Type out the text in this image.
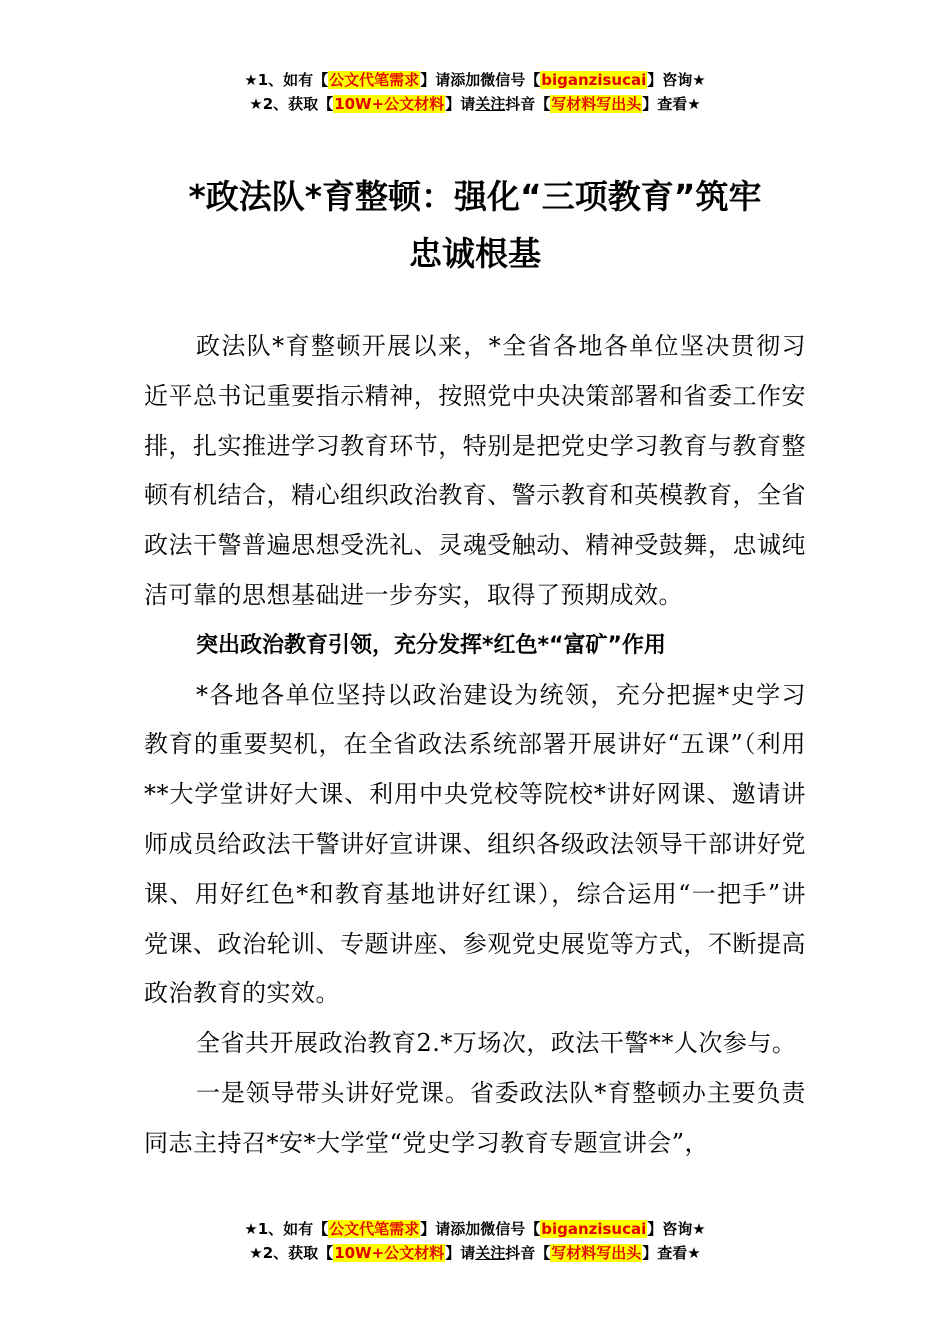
★1、如有【公文代笔需求】请添加微信号【biganzisucai】咨询★
★2、获取【10W+公文材料】请关注抖音【写材料写出头】查看★
*政法队*育整顿：强化“三项教育”筑牢
忠诚根基

政法队*育整顿开展以来，*全省各地各单位坚决贯彻习近平总书记重要指示精神，按照党中央决策部署和省委工作安排，扎实推进学习教育环节，特别是把党史学习教育与教育整顿有机结合，精心组织政治教育、警示教育和英模教育，全省政法干警普遍思想受洗礼、灵魂受触动、精神受鼓舞，忠诚纯洁可靠的思想基础进一步夯实，取得了预期成效。

突出政治教育引领，充分发挥*红色*“富矿”作用

*各地各单位坚持以政治建设为统领，充分把握*史学习教育的重要契机，在全省政法系统部署开展讲好“五课”（利用**大学堂讲好大课、利用中央党校等院校*讲好网课、邀请讲师成员给政法干警讲好宣讲课、组织各级政法领导干部讲好党课、用好红色*和教育基地讲好红课），综合运用“一把手”讲党课、政治轮训、专题讲座、参观党史展览等方式，不断提高政治教育的实效。

全省共开展政治教育2.*万场次，政法干警**人次参与。

一是领导带头讲好党课。省委政法队*育整顿办主要负责同志主持召*安*大学堂“党史学习教育专题宣讲会”，

★1、如有【公文代笔需求】请添加微信号【biganzisucai】咨询★
★2、获取【10W+公文材料】请关注抖音【写材料写出头】查看★
